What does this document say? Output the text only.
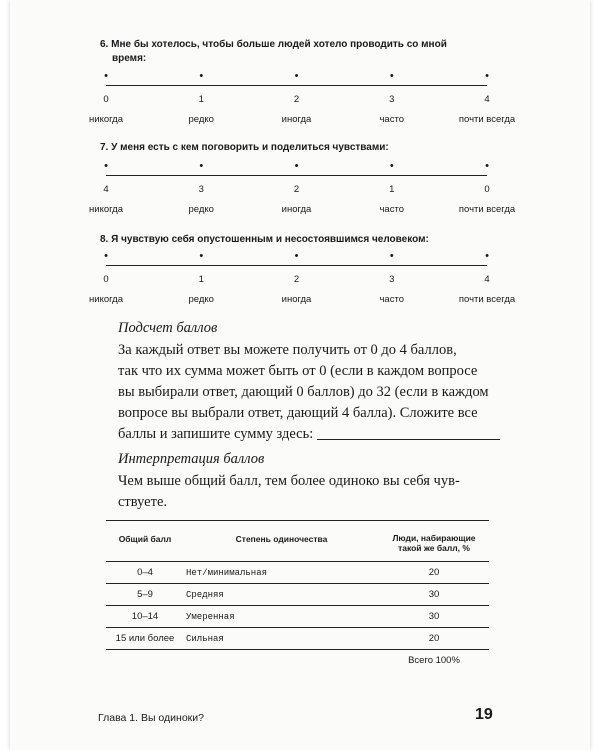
6. Мне бы хотелось, чтобы больше людей хотело проводить со мной
время:
•
0
никогда
•
1
редко
•
2
иногда
•
3
часто
•
4
почти всегда
7. У меня есть с кем поговорить и поделиться чувствами:
•
4
никогда
•
3
редко
•
2
иногда
•
1
часто
•
0
почти всегда
8. Я чувствую себя опустошенным и несостоявшимся человеком:
•
0
никогда
•
1
редко
•
2
иногда
•
3
часто
•
4
почти всегда
Подсчет баллов
За каждый ответ вы можете получить от 0 до 4 баллов,
так что их сумма может быть от 0 (если в каждом вопросе
вы выбирали ответ, дающий 0 баллов) до 32 (если в каждом
вопросе вы выбрали ответ, дающий 4 балла). Сложите все
баллы и запишите сумму здесь:
Интерпретация баллов
Чем выше общий балл, тем более одиноко вы себя чув-
ствуете.
Общий балл	Степень одиночества	Люди, набирающие
такой же балл, %

0–4	Нет/минимальная	20
5–9	Средняя	30
10–14	Умеренная	30
15 или более	Сильная	20
		Всего 100%
Глава 1. Вы одиноки?	19
